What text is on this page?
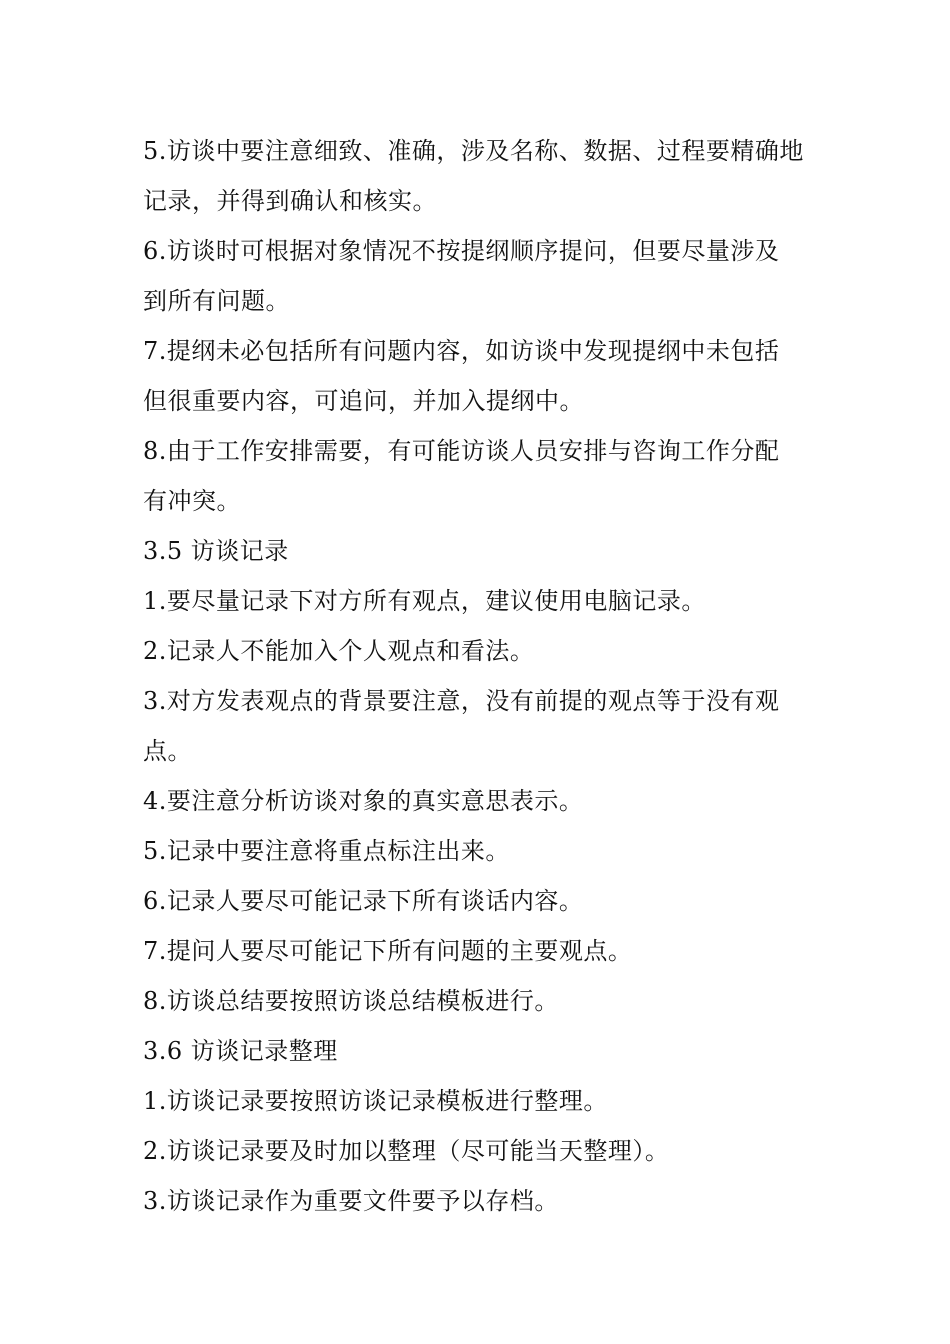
5.访谈中要注意细致、准确，涉及名称、数据、过程要精确地
记录，并得到确认和核实。
6.访谈时可根据对象情况不按提纲顺序提问，但要尽量涉及
到所有问题。
7.提纲未必包括所有问题内容，如访谈中发现提纲中未包括
但很重要内容，可追问，并加入提纲中。
8.由于工作安排需要，有可能访谈人员安排与咨询工作分配
有冲突。
3.5 访谈记录
1.要尽量记录下对方所有观点，建议使用电脑记录。
2.记录人不能加入个人观点和看法。
3.对方发表观点的背景要注意，没有前提的观点等于没有观
点。
4.要注意分析访谈对象的真实意思表示。
5.记录中要注意将重点标注出来。
6.记录人要尽可能记录下所有谈话内容。
7.提问人要尽可能记下所有问题的主要观点。
8.访谈总结要按照访谈总结模板进行。
3.6 访谈记录整理
1.访谈记录要按照访谈记录模板进行整理。
2.访谈记录要及时加以整理（尽可能当天整理）。
3.访谈记录作为重要文件要予以存档。
